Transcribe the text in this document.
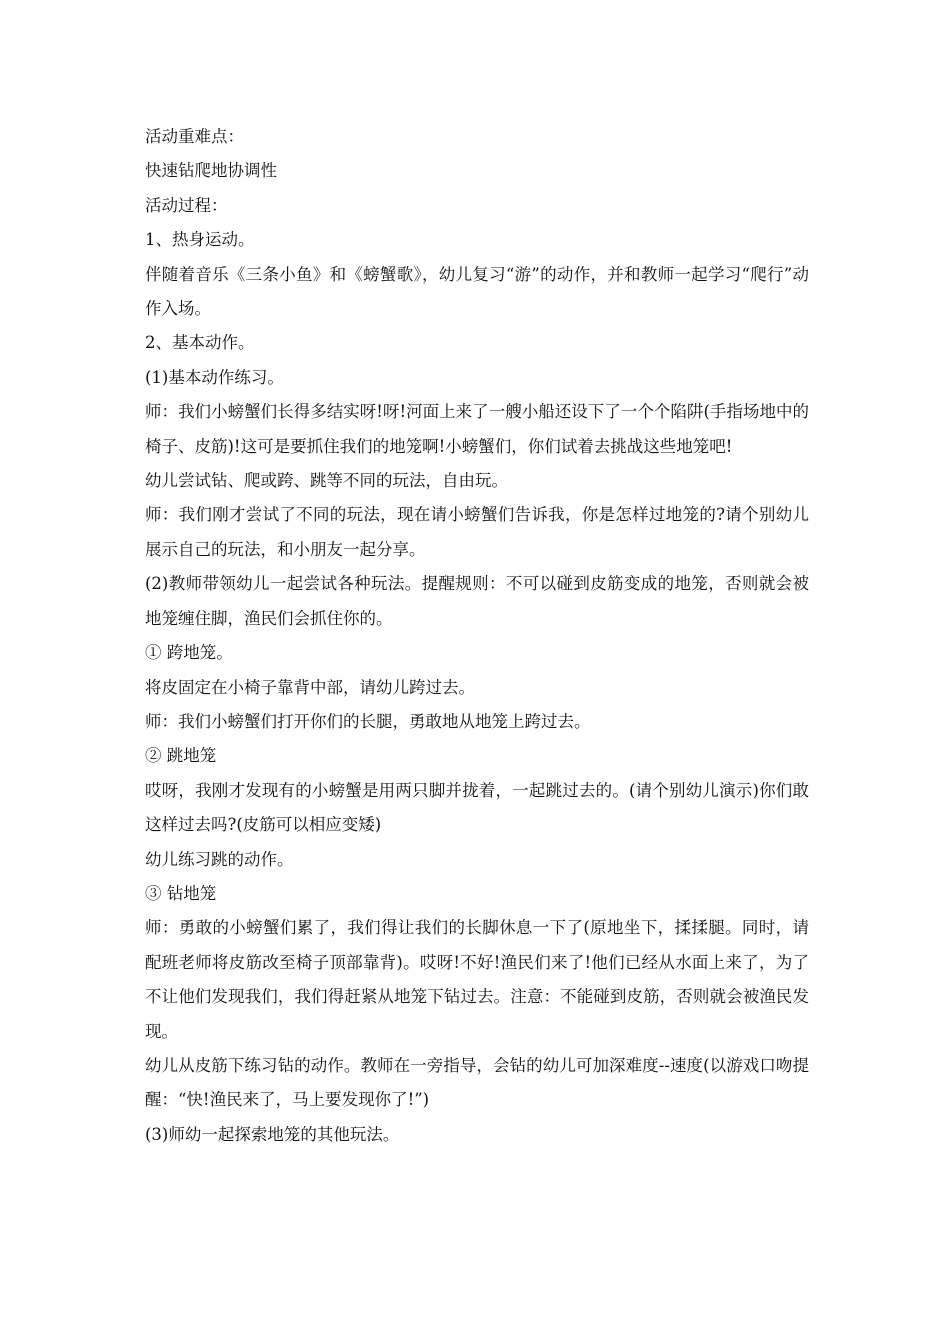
活动重难点：

快速钻爬地协调性

活动过程：

1、热身运动。

伴随着音乐《三条小鱼》和《螃蟹歌》，幼儿复习“游”的动作，并和教师一起学习“爬行”动作入场。

2、基本动作。

(1)基本动作练习。

师：我们小螃蟹们长得多结实呀!呀!河面上来了一艘小船还设下了一个个陷阱(手指场地中的椅子、皮筋)!这可是要抓住我们的地笼啊!小螃蟹们，你们试着去挑战这些地笼吧!

幼儿尝试钻、爬或跨、跳等不同的玩法，自由玩。

师：我们刚才尝试了不同的玩法，现在请小螃蟹们告诉我，你是怎样过地笼的?请个别幼儿展示自己的玩法，和小朋友一起分享。

(2)教师带领幼儿一起尝试各种玩法。提醒规则：不可以碰到皮筋变成的地笼，否则就会被地笼缠住脚，渔民们会抓住你的。

① 跨地笼。

将皮固定在小椅子靠背中部，请幼儿跨过去。

师：我们小螃蟹们打开你们的长腿，勇敢地从地笼上跨过去。

② 跳地笼

哎呀，我刚才发现有的小螃蟹是用两只脚并拢着，一起跳过去的。(请个别幼儿演示)你们敢这样过去吗?(皮筋可以相应变矮)

幼儿练习跳的动作。

③ 钻地笼

师：勇敢的小螃蟹们累了，我们得让我们的长脚休息一下了(原地坐下，揉揉腿。同时，请配班老师将皮筋改至椅子顶部靠背)。哎呀!不好!渔民们来了!他们已经从水面上来了，为了不让他们发现我们，我们得赶紧从地笼下钻过去。注意：不能碰到皮筋，否则就会被渔民发现。

幼儿从皮筋下练习钻的动作。教师在一旁指导，会钻的幼儿可加深难度--速度(以游戏口吻提醒：“快!渔民来了，马上要发现你了!”)

(3)师幼一起探索地笼的其他玩法。
